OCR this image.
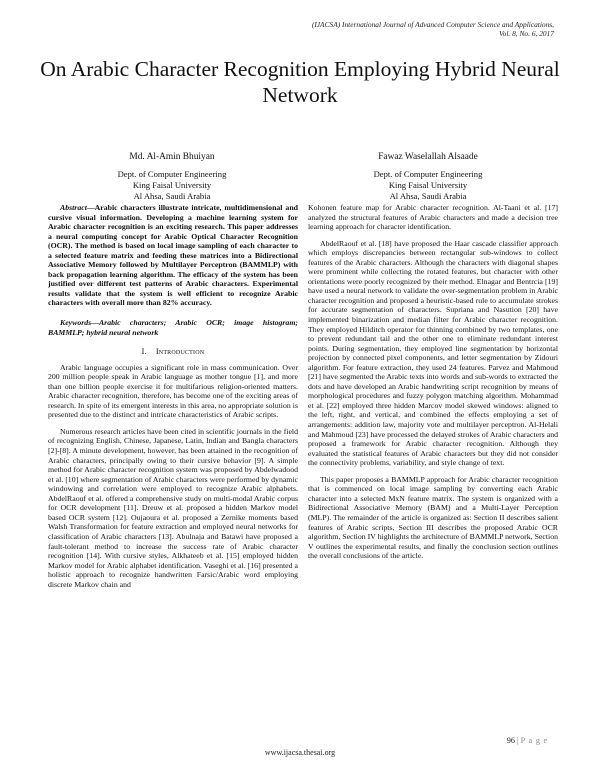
(IJACSA) International Journal of Advanced Computer Science and Applications,
Vol. 8, No. 6, 2017
On Arabic Character Recognition Employing Hybrid Neural Network
Md. Al-Amin Bhuiyan
Dept. of Computer Engineering
King Faisal University
Al Ahsa, Saudi Arabia
Fawaz Waselallah Alsaade
Dept. of Computer Engineering
King Faisal University
Al Ahsa, Saudi Arabia

Abstract—Arabic characters illustrate intricate, multidimensional and cursive visual information. Developing a machine learning system for Arabic character recognition is an exciting research. This paper addresses a neural computing concept for Arabic Optical Character Recognition (OCR). The method is based on local image sampling of each character to a selected feature matrix and feeding these matrices into a Bidirectional Associative Memory followed by Multilayer Perceptron (BAMMLP) with back propagation learning algorithm. The efficacy of the system has been justified over different test patterns of Arabic characters. Experimental results validate that the system is well efficient to recognize Arabic characters with overall more than 82% accuracy.

Keywords—Arabic characters; Arabic OCR; image histogram; BAMMLP; hybrid neural network

I. Introduction

Arabic language occupies a significant role in mass communication. Over 200 million people speak in Arabic language as mother tongue [1], and more than one billion people exercise it for multifarious religion-oriented matters. Arabic character recognition, therefore, has become one of the exciting areas of research. In spite of its emergent interests in this area, no appropriate solution is presented due to the distinct and intricate characteristics of Arabic scripts.

Numerous research articles have been cited in scientific journals in the field of recognizing English, Chinese, Japanese, Latin, Indian and Bangla characters [2]-[8]. A minute development, however, has been attained in the recognition of Arabic characters, principally owing to their cursive behavior [9]. A simple method for Arabic character recognition system was proposed by Abdelwadood et al. [10] where segmentation of Arabic characters were performed by dynamic windowing and correlation were employed to recognize Arabic alphabets. AbdelRaouf et al. offered a comprehensive study on multi-modal Arabic corpus for OCR development [11]. Dreuw et al. proposed a hidden Markov model based OCR system [12]. Oujaoura et al. proposed a Zernike moments based Walsh Transformation for feature extraction and employed neural networks for classification of Arabic characters [13]. Abulnaja and Batawi have proposed a fault-tolerant method to increase the success rate of Arabic character recognition [14]. With cursive styles, Alkhateeb et al. [15] employed hidden Markov model for Arabic alphabet identification. Vaseghi et al. [16] presented a holistic approach to recognize handwritten Farsic/Arabic word employing discrete Markov chain and

Kohonen feature map for Arabic character recognition. Al-Taani et al. [17] analyzed the structural features of Arabic characters and made a decision tree learning approach for character identification.

AbdelRaouf et al. [18] have proposed the Haar cascade classifier approach which employs discrepancies between rectangular sub-windows to collect features of the Arabic characters. Although the characters with diagonal shapes were prominent while collecting the rotated features, but character with other orientations were poorly recognized by their method. Elnagar and Bentrcia [19] have used a neural network to validate the over-segmentation problem in Arabic character recognition and proposed a heuristic-based rule to accumulate strokes for accurate segmentation of characters. Supriana and Nasution [20] have implemented binarization and median filter for Arabic character recognition. They employed Hilditch operator for thinning combined by two templates, one to prevent redundant tail and the other one to eliminate redundant interest points. During segmentation, they employed line segmentation by horizontal projection by connected pixel components, and letter segmentation by Zidouri algorithm. For feature extraction, they used 24 features. Parvez and Mahmoud [21] have segmented the Arabic texts into words and sub-words to extracted the dots and have developed an Arabic handwriting script recognition by means of morphological procedures and fuzzy polygon matching algorithm. Mohammad et al. [22] employed three hidden Marcov model skewed windows: aligned to the left, right, and vertical, and combined the effects employing a set of arrangements: addition law, majority vote and multilayer perceptron. Al-Helali and Mahmoud [23] have processed the delayed strokes of Arabic characters and proposed a framework for Arabic character recognition. Although they evaluated the statistical features of Arabic characters but they did not consider the connectivity problems, variability, and style change of text.

This paper proposes a BAMMLP approach for Arabic character recognition that is commenced on local image sampling by converting each Arabic character into a selected MxN feature matrix. The system is organized with a Bidirectional Associative Memory (BAM) and a Multi-Layer Perception (MLP). The remainder of the article is organized as: Section II describes salient features of Arabic scripts, Section III describes the proposed Arabic OCR algorithm, Section IV highlights the architecture of BAMMLP network, Section V outlines the experimental results, and finally the conclusion section outlines the overall conclusions of the article.

96 | P a g e
www.ijacsa.thesai.org
